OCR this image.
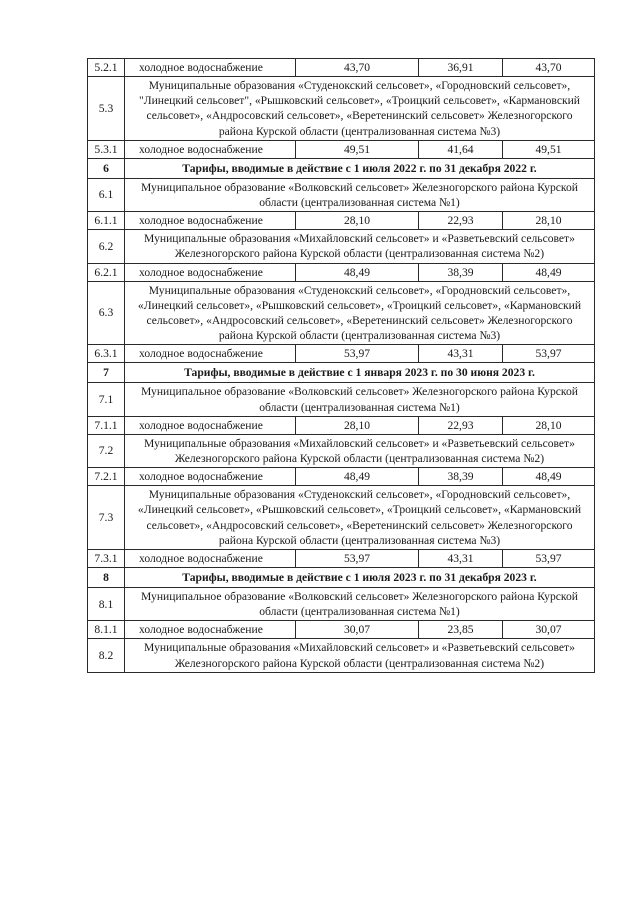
5.2.1	холодное водоснабжение	43,70	36,91	43,70
5.3	Муниципальные образования «Студенокский сельсовет», «Городновский сельсовет», "Линецкий сельсовет", «Рышковский сельсовет», «Троицкий сельсовет», «Кармановский сельсовет», «Андросовский сельсовет», «Веретенинский сельсовет» Железногорского района Курской области (централизованная система №3)			
5.3.1	холодное водоснабжение	49,51	41,64	49,51
6	Тарифы, вводимые в действие с 1 июля 2022 г. по 31 декабря 2022 г.			
6.1	Муниципальное образование «Волковский сельсовет» Железногорского района Курской области (централизованная система №1)			
6.1.1	холодное водоснабжение	28,10	22,93	28,10
6.2	Муниципальные образования «Михайловский сельсовет» и «Разветьевский сельсовет» Железногорского района Курской области (централизованная система №2)			
6.2.1	холодное водоснабжение	48,49	38,39	48,49
6.3	Муниципальные образования «Студенокский сельсовет», «Городновский сельсовет», «Линецкий сельсовет», «Рышковский сельсовет», «Троицкий сельсовет», «Кармановский сельсовет», «Андросовский сельсовет», «Веретенинский сельсовет» Железногорского района Курской области (централизованная система №3)			
6.3.1	холодное водоснабжение	53,97	43,31	53,97
7	Тарифы, вводимые в действие с 1 января 2023 г. по 30 июня 2023 г.			
7.1	Муниципальное образование «Волковский сельсовет» Железногорского района Курской области (централизованная система №1)			
7.1.1	холодное водоснабжение	28,10	22,93	28,10
7.2	Муниципальные образования «Михайловский сельсовет» и «Разветьевский сельсовет» Железногорского района Курской области (централизованная система №2)			
7.2.1	холодное водоснабжение	48,49	38,39	48,49
7.3	Муниципальные образования «Студенокский сельсовет», «Городновский сельсовет», «Линецкий сельсовет», «Рышковский сельсовет», «Троицкий сельсовет», «Кармановский сельсовет», «Андросовский сельсовет», «Веретенинский сельсовет» Железногорского района Курской области (централизованная система №3)			
7.3.1	холодное водоснабжение	53,97	43,31	53,97
8	Тарифы, вводимые в действие с 1 июля 2023 г. по 31 декабря 2023 г.			
8.1	Муниципальное образование «Волковский сельсовет» Железногорского района Курской области (централизованная система №1)			
8.1.1	холодное водоснабжение	30,07	23,85	30,07
8.2	Муниципальные образования «Михайловский сельсовет» и «Разветьевский сельсовет» Железногорского района Курской области (централизованная система №2)			
